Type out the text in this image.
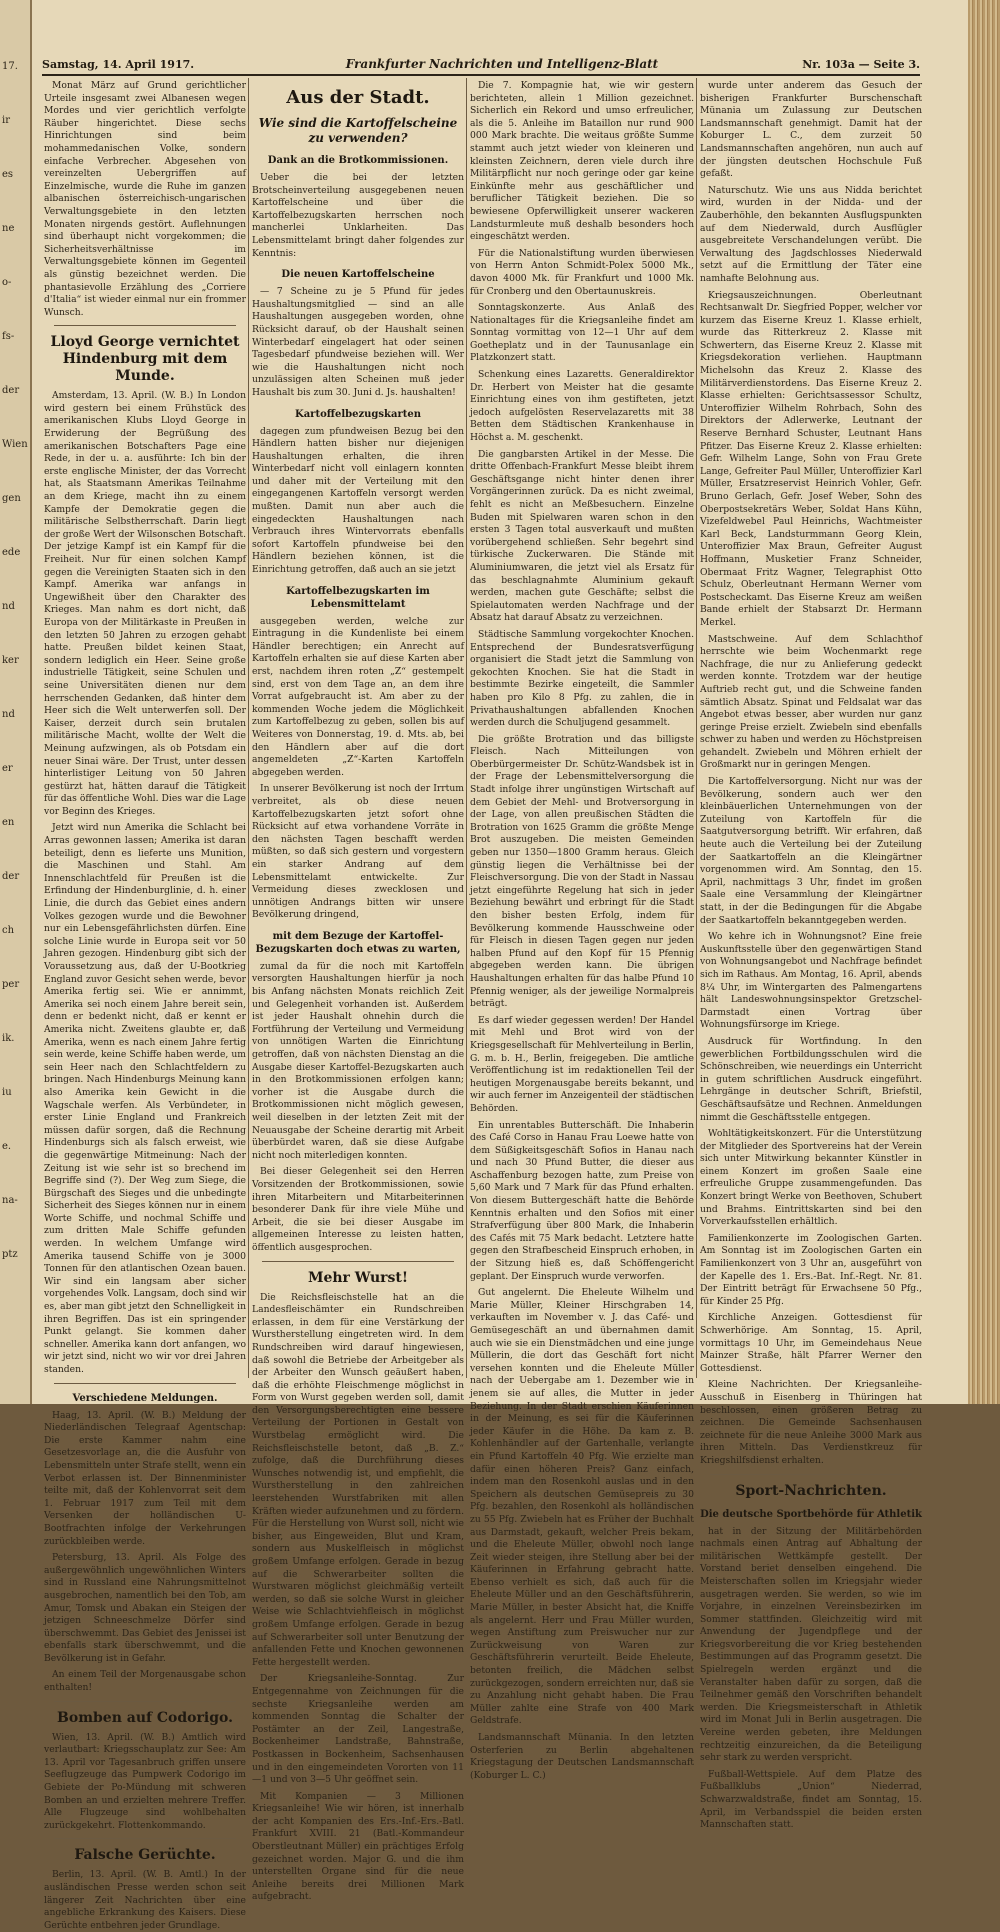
17.
ir
es
ne
o-
fs-
der
Wien
gen
ede
nd
ker
nd
er
en
der
ch
per
ik.
iu
e.
na-
ptz
Samstag, 14. April 1917.	Frankfurter Nachrichten und Intelligenz-Blatt	Nr. 103a — Seite 3.

Monat März auf Grund gerichtlicher Urteile insgesamt zwei Albanesen wegen Mordes und vier gerichtlich verfolgte Räuber hingerichtet. Diese sechs Hinrichtungen sind beim mohammedanischen Volke, sondern einfache Verbrecher. Abgesehen von vereinzelten Uebergriffen auf Einzelmische, wurde die Ruhe im ganzen albanischen österreichisch-ungarischen Verwaltungsgebiete in den letzten Monaten nirgends gestört. Auflehnungen sind überhaupt nicht vorgekommen; die Sicherheitsverhältnisse im Verwaltungsgebiete können im Gegenteil als günstig bezeichnet werden. Die phantasievolle Erzählung des „Corriere d'Italia“ ist wieder einmal nur ein frommer Wunsch.

Lloyd George vernichtet Hindenburg mit dem Munde.

Amsterdam, 13. April. (W. B.) In London wird gestern bei einem Frühstück des amerikanischen Klubs Lloyd George in Erwiderung der Begrüßung des amerikanischen Botschafters Page eine Rede, in der u. a. ausführte: Ich bin der erste englische Minister, der das Vorrecht hat, als Staatsmann Amerikas Teilnahme an dem Kriege, macht ihn zu einem Kampfe der Demokratie gegen die militärische Selbstherrschaft. Darin liegt der große Wert der Wilsonschen Botschaft. Der jetzige Kampf ist ein Kampf für die Freiheit. Nur für einen solchen Kampf gegen die Vereinigten Staaten sich in den Kampf. Amerika war anfangs in Ungewißheit über den Charakter des Krieges. Man nahm es dort nicht, daß Europa von der Militärkaste in Preußen in den letzten 50 Jahren zu erzogen gehabt hatte. Preußen bildet keinen Staat, sondern lediglich ein Heer. Seine große industrielle Tätigkeit, seine Schulen und seine Universitäten dienen nur dem herrschenden Gedanken, daß hinter dem Heer sich die Welt unterwerfen soll. Der Kaiser, derzeit durch sein brutalen militärische Macht, wollte der Welt die Meinung aufzwingen, als ob Potsdam ein neuer Sinai wäre. Der Trust, unter dessen hinterlistiger Leitung von 50 Jahren gestürzt hat, hätten darauf die Tätigkeit für das öffentliche Wohl. Dies war die Lage vor Beginn des Krieges.

Jetzt wird nun Amerika die Schlacht bei Arras gewonnen lassen; Amerika ist daran beteiligt, denn es lieferte uns Munition, die Maschinen und Stahl. Am Innenschlachtfeld für Preußen ist die Erfindung der Hindenburglinie, d. h. einer Linie, die durch das Gebiet eines andern Volkes gezogen wurde und die Bewohner nur ein Lebensgefährlichsten dürfen. Eine solche Linie wurde in Europa seit vor 50 Jahren gezogen. Hindenburg gibt sich der Voraussetzung aus, daß der U-Bootkrieg England zuvor Gesicht sehen werde, bevor Amerika fertig sei. Wie er annimmt, Amerika sei noch einem Jahre bereit sein, denn er bedenkt nicht, daß er kennt er Amerika nicht. Zweitens glaubte er, daß Amerika, wenn es nach einem Jahre fertig sein werde, keine Schiffe haben werde, um sein Heer nach den Schlachtfeldern zu bringen. Nach Hindenburgs Meinung kann also Amerika kein Gewicht in die Wagschale werfen. Als Verbündeter, in erster Linie England und Frankreich müssen dafür sorgen, daß die Rechnung Hindenburgs sich als falsch erweist, wie die gegenwärtige Mitmeinung: Nach der Zeitung ist wie sehr ist so brechend im Begriffe sind (?). Der Weg zum Siege, die Bürgschaft des Sieges und die unbedingte Sicherheit des Sieges können nur in einem Worte Schiffe, und nochmal Schiffe und zum dritten Male Schiffe gefunden werden. In welchem Umfange wird Amerika tausend Schiffe von je 3000 Tonnen für den atlantischen Ozean bauen. Wir sind ein langsam aber sicher vorgehendes Volk. Langsam, doch sind wir es, aber man gibt jetzt den Schnelligkeit in ihren Begriffen. Das ist ein springender Punkt gelangt. Sie kommen daher schneller. Amerika kann dort anfangen, wo wir jetzt sind, nicht wo wir vor drei Jahren standen.

Verschiedene Meldungen.

Haag, 13. April. (W. B.) Meldung der Niederländischen Telegraaf Agentschap: Die erste Kammer nahm eine Gesetzesvorlage an, die die Ausfuhr von Lebensmitteln unter Strafe stellt, wenn ein Verbot erlassen ist. Der Binnenminister teilte mit, daß der Kohlenvorrat seit dem 1. Februar 1917 zum Teil mit dem Versenken der holländischen U-Bootfrachten infolge der Verkehrungen zurückbleiben werde.

Petersburg, 13. April. Als Folge des außergewöhnlich ungewöhnlichen Winters sind in Russland eine Nahrungsmittelnot ausgebrochen, namentlich bei den Tob, am Amur, Tomsk und Abakan ein Steigen der jetzigen Schneeschmelze Dörfer sind überschwemmt. Das Gebiet des Jenissei ist ebenfalls stark überschwemmt, und die Bevölkerung ist in Gefahr.

An einem Teil der Morgenausgabe schon enthalten!

Bomben auf Codorigo.

Wien, 13. April. (W. B.) Amtlich wird verlautbart: Kriegsschauplatz zur See: Am 13. April vor Tagesanbruch griffen unsere Seeflugzeuge das Pumpwerk Codorigo im Gebiete der Po-Mündung mit schweren Bomben an und erzielten mehrere Treffer. Alle Flugzeuge sind wohlbehalten zurückgekehrt. Flottenkommando.

Falsche Gerüchte.

Berlin, 13. April. (W. B. Amtl.) In der ausländischen Presse werden schon seit längerer Zeit Nachrichten über eine angebliche Erkrankung des Kaisers. Diese Gerüchte entbehren jeder Grundlage.

Aus der Stadt.
Wie sind die Kartoffelscheine zu verwenden?
Dank an die Brotkommissionen.

Ueber die bei der letzten Brotscheinverteilung ausgegebenen neuen Kartoffelscheine und über die Kartoffelbezugskarten herrschen noch mancherlei Unklarheiten. Das Lebensmittelamt bringt daher folgendes zur Kenntnis:

Die neuen Kartoffelscheine

— 7 Scheine zu je 5 Pfund für jedes Haushaltungsmitglied — sind an alle Haushaltungen ausgegeben worden, ohne Rücksicht darauf, ob der Haushalt seinen Winterbedarf eingelagert hat oder seinen Tagesbedarf pfundweise beziehen will. Wer wie die Haushaltungen nicht noch unzulässigen alten Scheinen muß jeder Haushalt bis zum 30. Juni d. Js. haushalten!

Kartoffelbezugskarten

dagegen zum pfundweisen Bezug bei den Händlern hatten bisher nur diejenigen Haushaltungen erhalten, die ihren Winterbedarf nicht voll einlagern konnten und daher mit der Verteilung mit den eingegangenen Kartoffeln versorgt werden mußten. Damit nun aber auch die eingedeckten Haushaltungen nach Verbrauch ihres Wintervorrats ebenfalls sofort Kartoffeln pfundweise bei den Händlern beziehen können, ist die Einrichtung getroffen, daß auch an sie jetzt

Kartoffelbezugskarten im Lebensmittelamt

ausgegeben werden, welche zur Eintragung in die Kundenliste bei einem Händler berechtigen; ein Anrecht auf Kartoffeln erhalten sie auf diese Karten aber erst, nachdem ihren roten „Z“ gestempelt sind, erst von dem Tage an, an dem ihre Vorrat aufgebraucht ist. Am aber zu der kommenden Woche jedem die Möglichkeit zum Kartoffelbezug zu geben, sollen bis auf Weiteres von Donnerstag, 19. d. Mts. ab, bei den Händlern aber auf die dort angemeldeten „Z“-Karten Kartoffeln abgegeben werden.

In unserer Bevölkerung ist noch der Irrtum verbreitet, als ob diese neuen Kartoffelbezugskarten jetzt sofort ohne Rücksicht auf etwa vorhandene Vorräte in den nächsten Tagen beschafft werden müßten, so daß sich gestern und vorgestern ein starker Andrang auf dem Lebensmittelamt entwickelte. Zur Vermeidung dieses zwecklosen und unnötigen Andrangs bitten wir unsere Bevölkerung dringend,

mit dem Bezuge der Kartoffel-Bezugskarten doch etwas zu warten,

zumal da für die noch mit Kartoffeln versorgten Haushaltungen hierfür ja noch bis Anfang nächsten Monats reichlich Zeit und Gelegenheit vorhanden ist. Außerdem ist jeder Haushalt ohnehin durch die Fortführung der Verteilung und Vermeidung von unnötigen Warten die Einrichtung getroffen, daß von nächsten Dienstag an die Ausgabe dieser Kartoffel-Bezugskarten auch in den Brotkommissionen erfolgen kann; vorher ist die Ausgabe durch die Brotkommissionen nicht möglich gewesen, weil dieselben in der letzten Zeit mit der Neuausgabe der Scheine derartig mit Arbeit überbürdet waren, daß sie diese Aufgabe nicht noch miterledigen konnten.

Bei dieser Gelegenheit sei den Herren Vorsitzenden der Brotkommissionen, sowie ihren Mitarbeitern und Mitarbeiterinnen besonderer Dank für ihre viele Mühe und Arbeit, die sie bei dieser Ausgabe im allgemeinen Interesse zu leisten hatten, öffentlich ausgesprochen.

Mehr Wurst!

Die Reichsfleischstelle hat an die Landesfleischämter ein Rundschreiben erlassen, in dem für eine Verstärkung der Wurstherstellung eingetreten wird. In dem Rundschreiben wird darauf hingewiesen, daß sowohl die Betriebe der Arbeitgeber als der Arbeiter den Wunsch geäußert haben, daß die erhöhte Fleischmenge möglichst in Form von Wurst gegeben werden soll, damit den Versorgungsberechtigten eine bessere Verteilung der Portionen in Gestalt von Wurstbelag ermöglicht wird. Die Reichsfleischstelle betont, daß „B. Z.“ zufolge, daß die Durchführung dieses Wunsches notwendig ist, und empfiehlt, die Wurstherstellung in den zahlreichen leerstehenden Wurstfabriken mit allen Kräften wieder aufzunehmen und zu fördern. Für die Herstellung von Wurst soll, nicht wie bisher, aus Eingeweiden, Blut und Kram, sondern aus Muskelfleisch in möglichst großem Umfange erfolgen. Gerade in bezug auf die Schwerarbeiter sollten die Wurstwaren möglichst gleichmäßig verteilt werden, so daß sie solche Wurst in gleicher Weise wie Schlachtviehfleisch in möglichst großem Umfange erfolgen. Gerade in bezug auf Schwerarbeiter soll unter Benutzung der anfallenden Fette und Knochen gewonnenen Fette hergestellt werden.

Der Kriegsanleihe-Sonntag. Zur Entgegennahme von Zeichnungen für die sechste Kriegsanleihe werden am kommenden Sonntag die Schalter der Postämter an der Zeil, Langestraße, Bockenheimer Landstraße, Bahnstraße, Postkassen in Bockenheim, Sachsenhausen und in den eingemeindeten Vororten von 11—1 und von 3—5 Uhr geöffnet sein.

Mit Kompanien — 3 Millionen Kriegsanleihe! Wie wir hören, ist innerhalb der acht Kompanien des Ers.-Inf.-Ers.-Batl. Frankfurt XVIII. 21 (Batl.-Kommandeur Oberstleutnant Müller) ein prächtiges Erfolg gezeichnet worden. Major G. und die ihm unterstellten Organe sind für die neue Anleihe bereits drei Millionen Mark aufgebracht.

Die 7. Kompagnie hat, wie wir gestern berichteten, allein 1 Million gezeichnet. Sicherlich ein Rekord und umso erfreulicher, als die 5. Anleihe im Bataillon nur rund 900 000 Mark brachte. Die weitaus größte Summe stammt auch jetzt wieder von kleineren und kleinsten Zeichnern, deren viele durch ihre Militärpflicht nur noch geringe oder gar keine Einkünfte mehr aus geschäftlicher und beruflicher Tätigkeit beziehen. Die so bewiesene Opferwilligkeit unserer wackeren Landsturmleute muß deshalb besonders hoch eingeschätzt werden.

Für die Nationalstiftung wurden überwiesen von Herrn Anton Schmidt-Polex 5000 Mk., davon 4000 Mk. für Frankfurt und 1000 Mk. für Cronberg und den Obertaunuskreis.

Sonntagskonzerte. Aus Anlaß des Nationaltages für die Kriegsanleihe findet am Sonntag vormittag von 12—1 Uhr auf dem Goetheplatz und in der Taunusanlage ein Platzkonzert statt.

Schenkung eines Lazaretts. Generaldirektor Dr. Herbert von Meister hat die gesamte Einrichtung eines von ihm gestifteten, jetzt jedoch aufgelösten Reservelazaretts mit 38 Betten dem Städtischen Krankenhause in Höchst a. M. geschenkt.

Die gangbarsten Artikel in der Messe. Die dritte Offenbach-Frankfurt Messe bleibt ihrem Geschäftsgange nicht hinter denen ihrer Vorgängerinnen zurück. Da es nicht zweimal, fehlt es nicht an Meßbesuchern. Einzelne Buden mit Spielwaren waren schon in den ersten 3 Tagen total ausverkauft und mußten vorübergehend schließen. Sehr begehrt sind türkische Zuckerwaren. Die Stände mit Aluminiumwaren, die jetzt viel als Ersatz für das beschlagnahmte Aluminium gekauft werden, machen gute Geschäfte; selbst die Spielautomaten werden Nachfrage und der Absatz hat darauf Absatz zu verzeichnen.

Städtische Sammlung vorgekochter Knochen. Entsprechend der Bundesratsverfügung organisiert die Stadt jetzt die Sammlung von gekochten Knochen. Sie hat die Stadt in bestimmte Bezirke eingeteilt, die Sammler haben pro Kilo 8 Pfg. zu zahlen, die in Privathaushaltungen abfallenden Knochen werden durch die Schuljugend gesammelt.

Die größte Brotration und das billigste Fleisch. Nach Mitteilungen von Oberbürgermeister Dr. Schütz-Wandsbek ist in der Frage der Lebensmittelversorgung die Stadt infolge ihrer ungünstigen Wirtschaft auf dem Gebiet der Mehl- und Brotversorgung in der Lage, von allen preußischen Städten die Brotration von 1625 Gramm die größte Menge Brot auszugeben. Die meisten Gemeinden geben nur 1350—1800 Gramm heraus. Gleich günstig liegen die Verhältnisse bei der Fleischversorgung. Die von der Stadt in Nassau jetzt eingeführte Regelung hat sich in jeder Beziehung bewährt und erbringt für die Stadt den bisher besten Erfolg, indem für Bevölkerung kommende Hausschweine oder für Fleisch in diesen Tagen gegen nur jeden halben Pfund auf den Kopf für 15 Pfennig abgegeben werden kann. Die übrigen Haushaltungen erhalten für das halbe Pfund 10 Pfennig weniger, als der jeweilige Normalpreis beträgt.

Es darf wieder gegessen werden! Der Handel mit Mehl und Brot wird von der Kriegsgesellschaft für Mehlverteilung in Berlin, G. m. b. H., Berlin, freigegeben. Die amtliche Veröffentlichung ist im redaktionellen Teil der heutigen Morgenausgabe bereits bekannt, und wir auch ferner im Anzeigenteil der städtischen Behörden.

Ein unrentables Butterschäft. Die Inhaberin des Café Corso in Hanau Frau Loewe hatte von dem Süßigkeitsgeschäft Sofios in Hanau nach und nach 30 Pfund Butter, die dieser aus Aschaffenburg bezogen hatte, zum Preise von 5,60 Mark und 7 Mark für das Pfund erhalten. Von diesem Buttergeschäft hatte die Behörde Kenntnis erhalten und den Sofios mit einer Strafverfügung über 800 Mark, die Inhaberin des Cafés mit 75 Mark bedacht. Letztere hatte gegen den Strafbescheid Einspruch erhoben, in der Sitzung hieß es, daß Schöffengericht geplant. Der Einspruch wurde verworfen.

Gut angelernt. Die Eheleute Wilhelm und Marie Müller, Kleiner Hirschgraben 14, verkauften im November v. J. das Café- und Gemüsegeschäft an und übernahmen damit auch wie sie ein Dienstmädchen und eine junge Müllerin, die dort das Geschäft fort nicht versehen konnten und die Eheleute Müller nach der Uebergabe am 1. Dezember wie in jenem sie auf alles, die Mutter in jeder Beziehung. In der Stadt erschien Käuferinnen in der Meinung, es sei für die Käuferinnen jeder Käufer in die Höhe. Da kam z. B. Kohlenhändler auf der Gartenhalle, verlangte ein Pfund Kartoffeln 40 Pfg. Wie erzielte man dafür einen höheren Preis? Ganz einfach, indem man den Rosenkohl auslas und in den Speichern als deutschen Gemüsepreis zu 30 Pfg. bezahlen, den Rosenkohl als holländischen zu 55 Pfg. Zwiebeln hat es Früher der Buchhalt aus Darmstadt, gekauft, welcher Preis bekam, und die Eheleute Müller, obwohl noch lange Zeit wieder steigen, ihre Stellung aber bei der Käuferinnen in Erfahrung gebracht hatte. Ebenso verhielt es sich, daß auch für die Eheleute Müller und an den Geschäftsführerin, Marie Müller, in bester Absicht hat, die Kniffe als angelernt. Herr und Frau Müller wurden, wegen Anstiftung zum Preiswucher nur zur Zurückweisung von Waren zur Geschäftsführerin verurteilt. Beide Eheleute, betonten freilich, die Mädchen selbst zurückgezogen, sondern erreichten nur, daß sie zu Anzahlung nicht gehabt haben. Die Frau Müller zahlte eine Strafe von 400 Mark Geldstrafe.

Landsmannschaft Münania. In den letzten Osterferien zu Berlin abgehaltenen Kriegstagung der Deutschen Landsmannschaft (Koburger L. C.)

wurde unter anderem das Gesuch der bisherigen Frankfurter Burschenschaft Münania um Zulassung zur Deutschen Landsmannschaft genehmigt. Damit hat der Koburger L. C., dem zurzeit 50 Landsmannschaften angehören, nun auch auf der jüngsten deutschen Hochschule Fuß gefaßt.

Naturschutz. Wie uns aus Nidda berichtet wird, wurden in der Nidda- und der Zauberhöhle, den bekannten Ausflugspunkten auf dem Niederwald, durch Ausflügler ausgebreitete Verschandelungen verübt. Die Verwaltung des Jagdschlosses Niederwald setzt auf die Ermittlung der Täter eine namhafte Belohnung aus.

Kriegsauszeichnungen. Oberleutnant Rechtsanwalt Dr. Siegfried Popper, welcher vor kurzem das Eiserne Kreuz 1. Klasse erhielt, wurde das Ritterkreuz 2. Klasse mit Schwertern, das Eiserne Kreuz 2. Klasse mit Kriegsdekoration verliehen. Hauptmann Michelsohn das Kreuz 2. Klasse des Militärverdienstordens. Das Eiserne Kreuz 2. Klasse erhielten: Gerichtsassessor Schultz, Unteroffizier Wilhelm Rohrbach, Sohn des Direktors der Adlerwerke, Leutnant der Reserve Bernhard Schuster, Leutnant Hans Pfitzer. Das Eiserne Kreuz 2. Klasse erhielten: Gefr. Wilhelm Lange, Sohn von Frau Grete Lange, Gefreiter Paul Müller, Unteroffizier Karl Müller, Ersatzreservist Heinrich Vohler, Gefr. Bruno Gerlach, Gefr. Josef Weber, Sohn des Oberpostsekretärs Weber, Soldat Hans Kühn, Vizefeldwebel Paul Heinrichs, Wachtmeister Karl Beck, Landsturmmann Georg Klein, Unteroffizier Max Braun, Gefreiter August Hoffmann, Musketier Franz Schneider, Obermaat Fritz Wagner, Telegraphist Otto Schulz, Oberleutnant Hermann Werner vom Postscheckamt. Das Eiserne Kreuz am weißen Bande erhielt der Stabsarzt Dr. Hermann Merkel.

Mastschweine. Auf dem Schlachthof herrschte wie beim Wochenmarkt rege Nachfrage, die nur zu Anlieferung gedeckt werden konnte. Trotzdem war der heutige Auftrieb recht gut, und die Schweine fanden sämtlich Absatz. Spinat und Feldsalat war das Angebot etwas besser, aber wurden nur ganz geringe Preise erzielt. Zwiebeln sind ebenfalls schwer zu haben und werden zu Höchstpreisen gehandelt. Zwiebeln und Möhren erhielt der Großmarkt nur in geringen Mengen.

Die Kartoffelversorgung. Nicht nur was der Bevölkerung, sondern auch wer den kleinbäuerlichen Unternehmungen von der Zuteilung von Kartoffeln für die Saatgutversorgung betrifft. Wir erfahren, daß heute auch die Verteilung bei der Zuteilung der Saatkartoffeln an die Kleingärtner vorgenommen wird. Am Sonntag, den 15. April, nachmittags 3 Uhr, findet im großen Saale eine Versammlung der Kleingärtner statt, in der die Bedingungen für die Abgabe der Saatkartoffeln bekanntgegeben werden.

Wo kehre ich in Wohnungsnot? Eine freie Auskunftsstelle über den gegenwärtigen Stand von Wohnungsangebot und Nachfrage befindet sich im Rathaus. Am Montag, 16. April, abends 8¼ Uhr, im Wintergarten des Palmengartens hält Landeswohnungsinspektor Gretzschel-Darmstadt einen Vortrag über Wohnungsfürsorge im Kriege.

Ausdruck für Wortfindung. In den gewerblichen Fortbildungsschulen wird die Schönschreiben, wie neuerdings ein Unterricht in gutem schriftlichen Ausdruck eingeführt. Lehrgänge in deutscher Schrift, Briefstil, Geschäftsaufsätze und Rechnen. Anmeldungen nimmt die Geschäftsstelle entgegen.

Wohltätigkeitskonzert. Für die Unterstützung der Mitglieder des Sportvereins hat der Verein sich unter Mitwirkung bekannter Künstler in einem Konzert im großen Saale eine erfreuliche Gruppe zusammengefunden. Das Konzert bringt Werke von Beethoven, Schubert und Brahms. Eintrittskarten sind bei den Vorverkaufsstellen erhältlich.

Familienkonzerte im Zoologischen Garten. Am Sonntag ist im Zoologischen Garten ein Familienkonzert von 3 Uhr an, ausgeführt von der Kapelle des 1. Ers.-Bat. Inf.-Regt. Nr. 81. Der Eintritt beträgt für Erwachsene 50 Pfg., für Kinder 25 Pfg.

Kirchliche Anzeigen. Gottesdienst für Schwerhörige. Am Sonntag, 15. April, vormittags 10 Uhr, im Gemeindehaus Neue Mainzer Straße, hält Pfarrer Werner den Gottesdienst.

Kleine Nachrichten. Der Kriegsanleihe-Ausschuß in Eisenberg in Thüringen hat beschlossen, einen größeren Betrag zu zeichnen. Die Gemeinde Sachsenhausen zeichnete für die neue Anleihe 3000 Mark aus ihren Mitteln. Das Verdienstkreuz für Kriegshilfsdienst erhalten.

Sport-Nachrichten.
Die deutsche Sportbehörde für Athletik

hat in der Sitzung der Militärbehörden nachmals einen Antrag auf Abhaltung der militärischen Wettkämpfe gestellt. Der Vorstand beriet denselben eingehend. Die Meisterschaften sollen im Kriegsjahr wieder ausgetragen werden. Sie werden, so wie im Vorjahre, in einzelnen Vereinsbezirken im Sommer stattfinden. Gleichzeitig wird mit Anwendung der Jugendpflege und der Kriegsvorbereitung die vor Krieg bestehenden Bestimmungen auf das Programm gesetzt. Die Spielregeln werden ergänzt und die Veranstalter haben dafür zu sorgen, daß die Teilnehmer gemäß den Vorschriften behandelt werden. Die Kriegsmeisterschaft in Athletik wird im Monat Juli in Berlin ausgetragen. Die Vereine werden gebeten, ihre Meldungen rechtzeitig einzureichen, da die Beteiligung sehr stark zu werden verspricht.

Fußball-Wettspiele. Auf dem Platze des Fußballklubs „Union“ Niederrad, Schwarzwaldstraße, findet am Sonntag, 15. April, im Verbandsspiel die beiden ersten Mannschaften statt.
